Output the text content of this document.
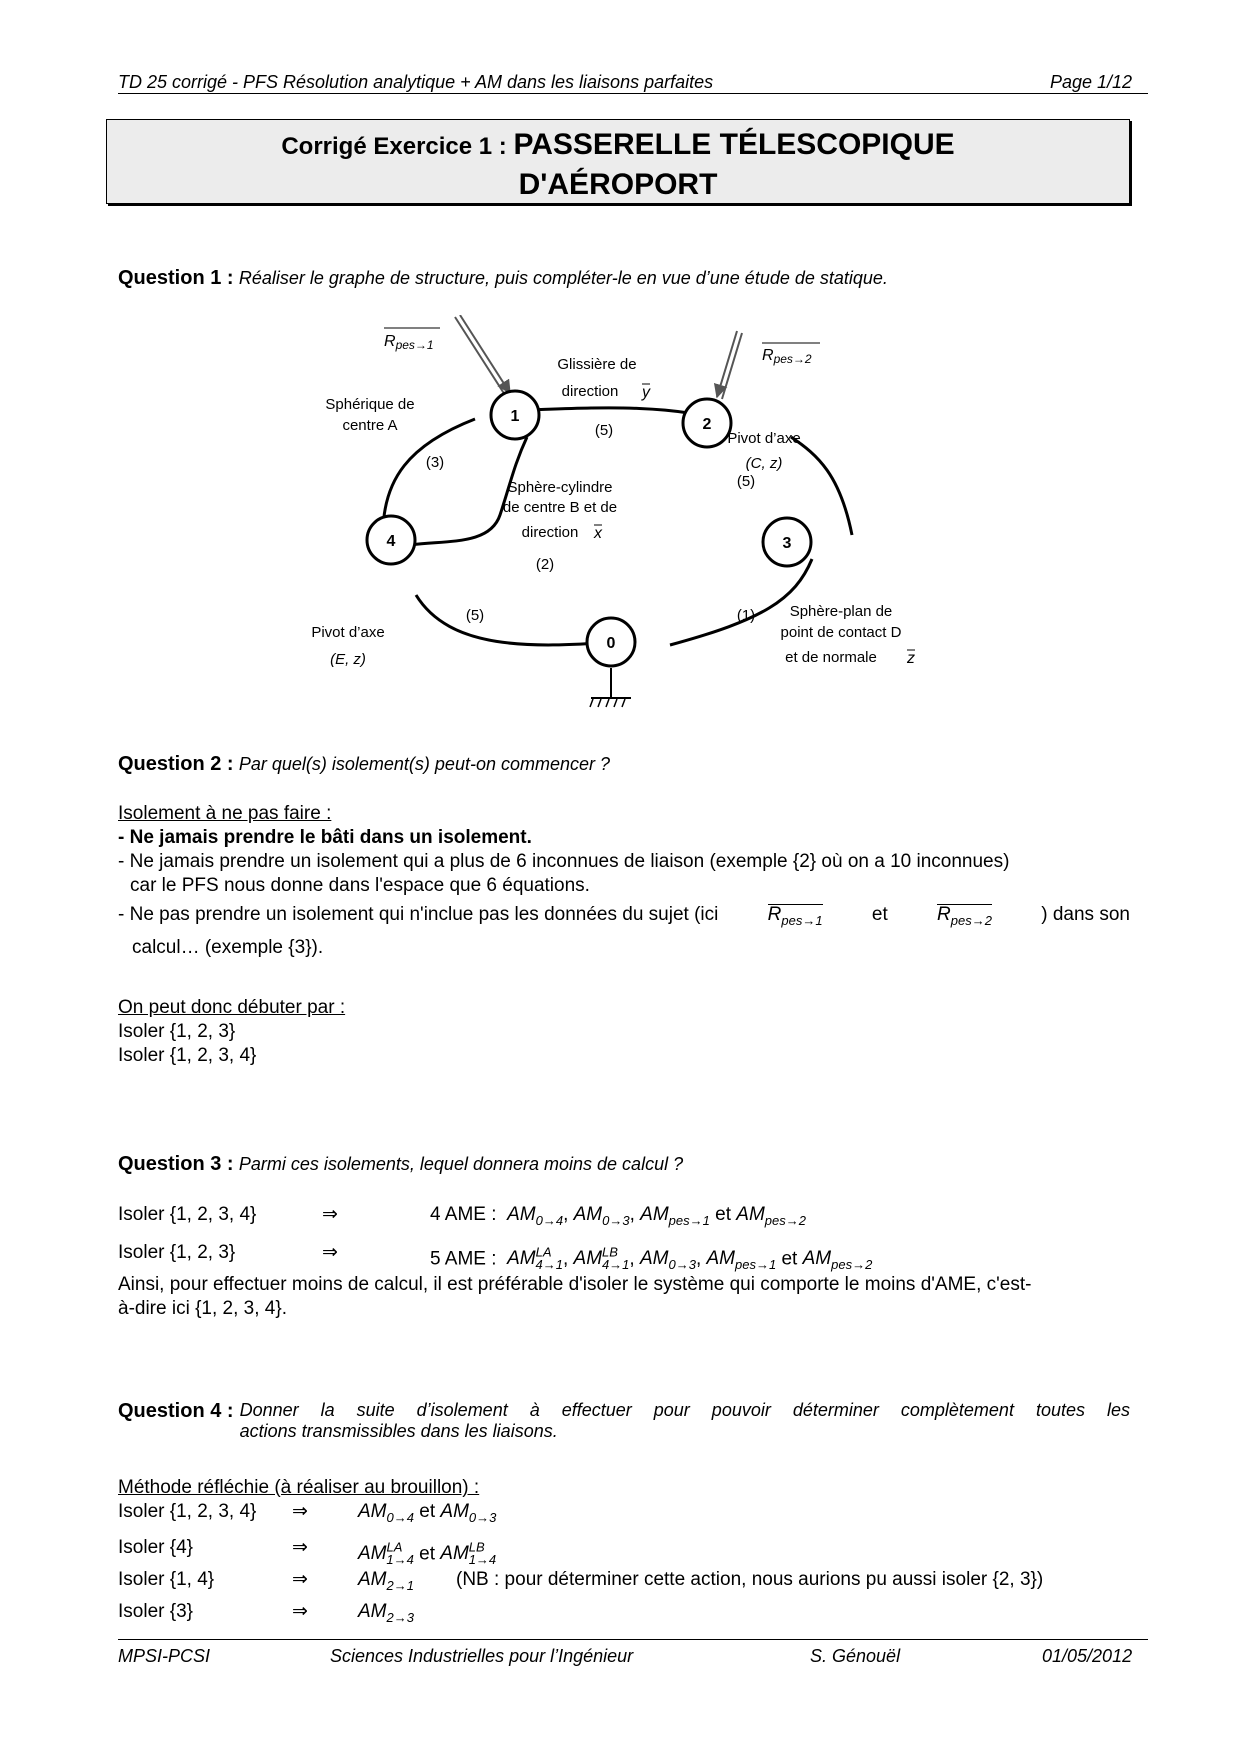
TD 25 corrigé - PFS Résolution analytique + AM dans les liaisons parfaites	Page 1/12
Corrigé Exercice 1 : PASSERELLE TÉLESCOPIQUE
D'AÉROPORT
Question 1 : Réaliser le graphe de structure, puis compléter-le en vue d’une étude de statique.
1	2
3
4
0
Rpes→1
Rpes→2
Sphérique de
centre A
Glissière de
direction
Pivot d’axe
(C, z)
Sphère-cylindre
de centre B et de
direction
Pivot d’axe
(E, z)
Sphère-plan de
point de contact D
et de normale
y
x
z
(3)
(5)
(5)
(2)
(5)	(1)
Question 2 : Par quel(s) isolement(s) peut-on commencer ?
Isolement à ne pas faire :
- Ne jamais prendre le bâti dans un isolement.
- Ne jamais prendre un isolement qui a plus de 6 inconnues de liaison (exemple {2} où on a 10 inconnues)
car le PFS nous donne dans l'espace que 6 équations.
- Ne pas prendre un isolement qui n'inclue pas les données du sujet (ici	$R_{pes\to 1}$	et	$R_{pes\to 2}$	) dans son
calcul… (exemple {3}).
On peut donc débuter par :
Isoler {1, 2, 3}
Isoler {1, 2, 3, 4}
Question 3 : Parmi ces isolements, lequel donnera moins de calcul ?
Isoler {1, 2, 3, 4}	⇒	4 AME : $AM_{0\to 4}$, $AM_{0\to 3}$, $AM_{pes\to 1}$ et $AM_{pes\to 2}$
Isoler {1, 2, 3}	⇒	5 AME : $AM^{LA}_{4\to 1}$, $AM^{LB}_{4\to 1}$, $AM_{0\to 3}$, $AM_{pes\to 1}$ et $AM_{pes\to 2}$
Ainsi, pour effectuer moins de calcul, il est préférable d'isoler le système qui comporte le moins d'AME, c'est-
à-dire ici {1, 2, 3, 4}.
Question 4 : Donner la suite d’isolement à effectuer pour pouvoir déterminer complètement toutes les
actions transmissibles dans les liaisons.
Méthode réfléchie (à réaliser au brouillon) :
Isoler {1, 2, 3, 4} ⇒	$AM_{0\to 4}$ et $AM_{0\to 3}$
Isoler {4}	⇒	$AM^{LA}_{1\to 4}$ et $AM^{LB}_{1\to 4}$
Isoler {1, 4}	⇒	$AM_{2\to 1}$ (NB : pour déterminer cette action, nous aurions pu aussi isoler {2, 3})
Isoler {3}	⇒	$AM_{2\to 3}$
MPSI-PCSI	Sciences Industrielles pour l’Ingénieur	S. Génouël	01/05/2012
